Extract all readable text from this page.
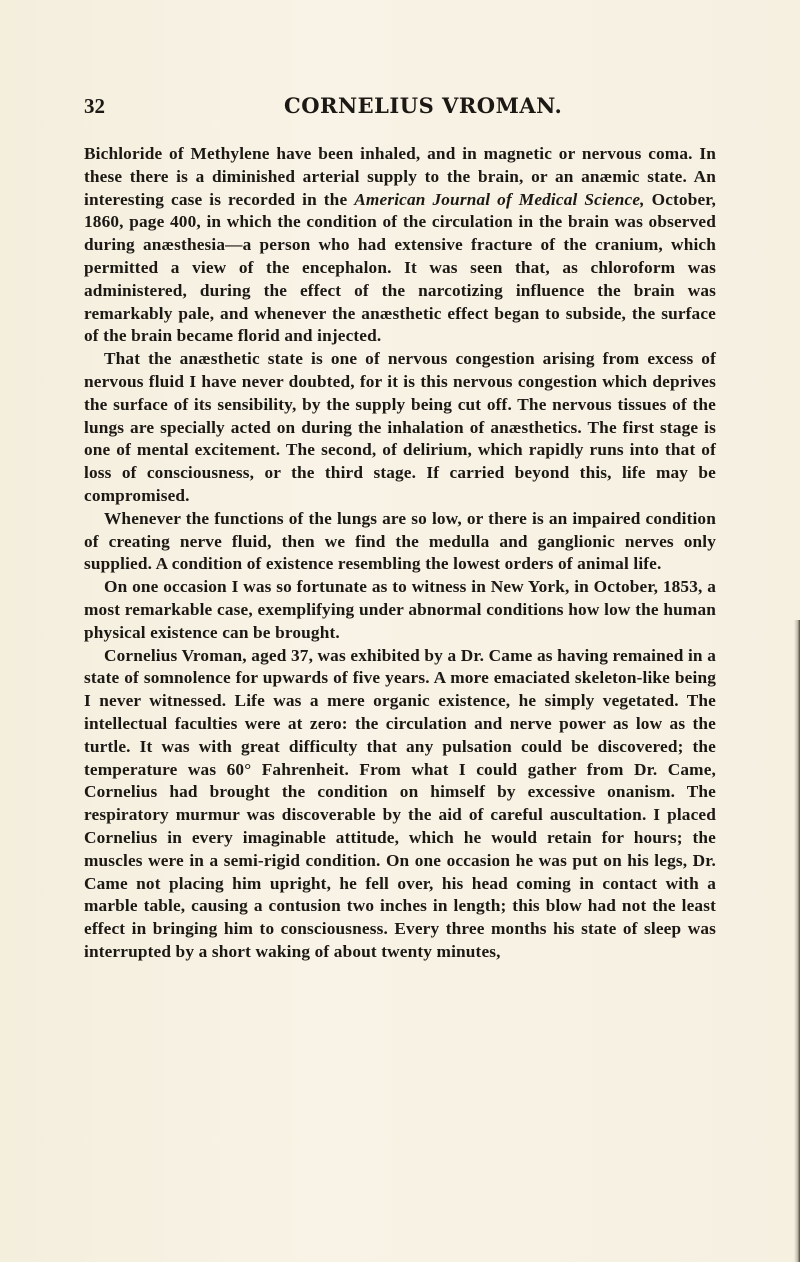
32	CORNELIUS VROMAN.

Bichloride of Methylene have been inhaled, and in magnetic or nervous coma. In these there is a diminished arterial supply to the brain, or an anæmic state. An interesting case is recorded in the American Journal of Medical Science, October, 1860, page 400, in which the condition of the circulation in the brain was observed during anæsthesia—a person who had extensive fracture of the cranium, which permitted a view of the encephalon. It was seen that, as chloroform was administered, during the effect of the narcotizing influence the brain was remarkably pale, and whenever the anæsthetic effect began to subside, the surface of the brain became florid and injected.

That the anæsthetic state is one of nervous congestion arising from excess of nervous fluid I have never doubted, for it is this nervous congestion which deprives the surface of its sensibility, by the supply being cut off. The nervous tissues of the lungs are specially acted on during the inhalation of anæsthetics. The first stage is one of mental excitement. The second, of delirium, which rapidly runs into that of loss of consciousness, or the third stage. If carried beyond this, life may be compromised.

Whenever the functions of the lungs are so low, or there is an impaired condition of creating nerve fluid, then we find the medulla and ganglionic nerves only supplied. A condition of existence resembling the lowest orders of animal life.

On one occasion I was so fortunate as to witness in New York, in October, 1853, a most remarkable case, exemplifying under abnormal conditions how low the human physical existence can be brought.

Cornelius Vroman, aged 37, was exhibited by a Dr. Came as having remained in a state of somnolence for upwards of five years. A more emaciated skeleton-like being I never witnessed. Life was a mere organic existence, he simply vegetated. The intellectual faculties were at zero: the circulation and nerve power as low as the turtle. It was with great difficulty that any pulsation could be discovered; the temperature was 60° Fahrenheit. From what I could gather from Dr. Came, Cornelius had brought the condition on himself by excessive onanism. The respiratory murmur was discoverable by the aid of careful auscultation. I placed Cornelius in every imaginable attitude, which he would retain for hours; the muscles were in a semi-rigid condition. On one occasion he was put on his legs, Dr. Came not placing him upright, he fell over, his head coming in contact with a marble table, causing a contusion two inches in length; this blow had not the least effect in bringing him to consciousness. Every three months his state of sleep was interrupted by a short waking of about twenty minutes,
